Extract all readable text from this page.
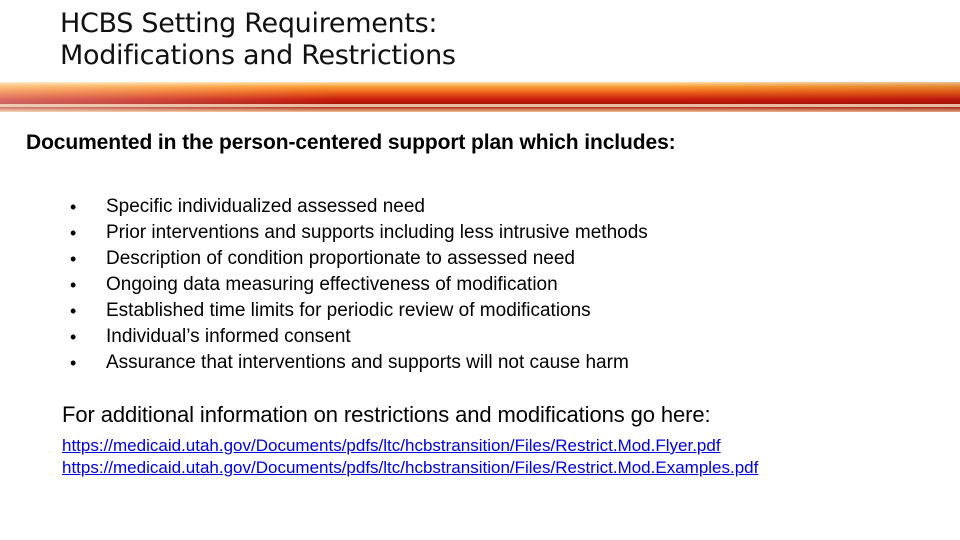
HCBS Setting Requirements:
Modifications and Restrictions
Documented in the person-centered support plan which includes:
• Specific individualized assessed need
• Prior interventions and supports including less intrusive methods
• Description of condition proportionate to assessed need
• Ongoing data measuring effectiveness of modification
• Established time limits for periodic review of modifications
• Individual’s informed consent
• Assurance that interventions and supports will not cause harm
For additional information on restrictions and modifications go here:
https://medicaid.utah.gov/Documents/pdfs/ltc/hcbstransition/Files/Restrict.Mod.Flyer.pdf
https://medicaid.utah.gov/Documents/pdfs/ltc/hcbstransition/Files/Restrict.Mod.Examples.pdf
